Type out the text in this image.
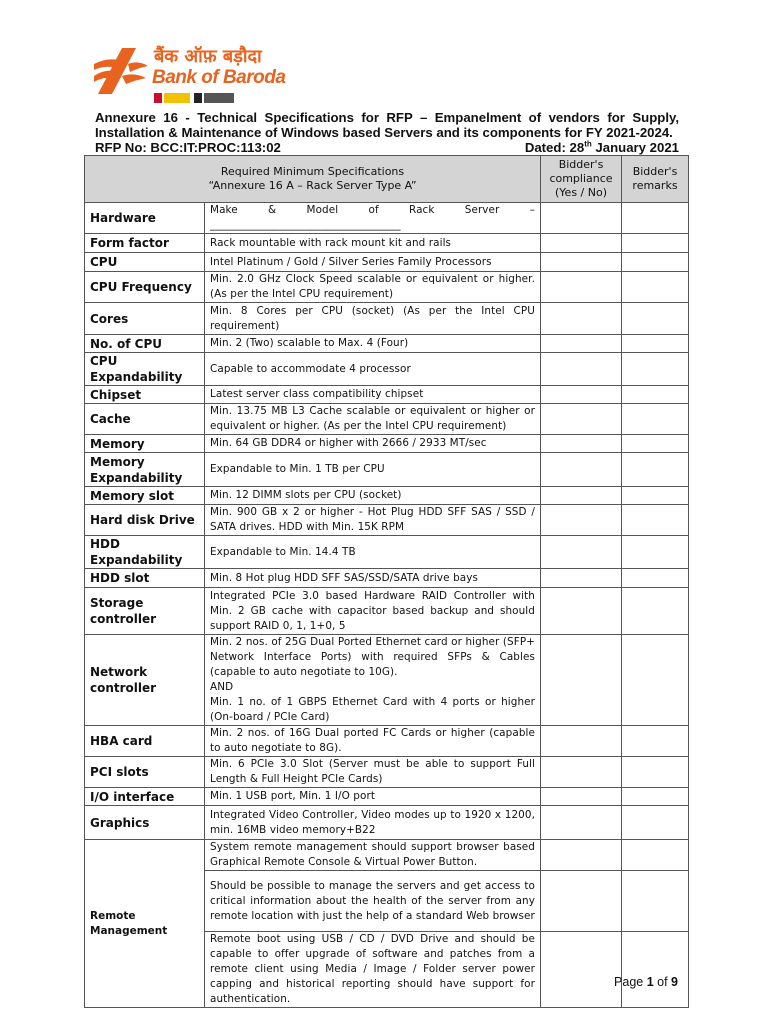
बैंक ऑफ़ बड़ौदा
Bank of Baroda
Annexure 16 - Technical Specifications for RFP – Empanelment of vendors for Supply,
Installation & Maintenance of Windows based Servers and its components for FY 2021-2024.
RFP No: BCC:IT:PROC:113:02	Dated: 28th January 2021
Required Minimum Specifications
“Annexure 16 A – Rack Server Type A”		Bidder's compliance (Yes / No)	Bidder's remarks
Hardware	Make & Model of Rack Server – ____________________________________		
Form factor	Rack mountable with rack mount kit and rails		
CPU	Intel Platinum / Gold / Silver Series Family Processors		
CPU Frequency	Min. 2.0 GHz Clock Speed scalable or equivalent or higher. (As per the Intel CPU requirement)		
Cores	Min. 8 Cores per CPU (socket) (As per the Intel CPU requirement)		
No. of CPU	Min. 2 (Two) scalable to Max. 4 (Four)		
CPU Expandability	Capable to accommodate 4 processor		
Chipset	Latest server class compatibility chipset		
Cache	Min. 13.75 MB L3 Cache scalable or equivalent or higher or equivalent or higher. (As per the Intel CPU requirement)		
Memory	Min. 64 GB DDR4 or higher with 2666 / 2933 MT/sec		
Memory Expandability	Expandable to Min. 1 TB per CPU		
Memory slot	Min. 12 DIMM slots per CPU (socket)		
Hard disk Drive	Min. 900 GB x 2 or higher - Hot Plug HDD SFF SAS / SSD / SATA drives. HDD with Min. 15K RPM		
HDD Expandability	Expandable to Min. 14.4 TB		
HDD slot	Min. 8 Hot plug HDD SFF SAS/SSD/SATA drive bays		
Storage controller	Integrated PCIe 3.0 based Hardware RAID Controller with Min. 2 GB cache with capacitor based backup and should support RAID 0, 1, 1+0, 5		
Network controller	Min. 2 nos. of 25G Dual Ported Ethernet card or higher (SFP+ Network Interface Ports) with required SFPs & Cables (capable to auto negotiate to 10G).
AND
Min. 1 no. of 1 GBPS Ethernet Card with 4 ports or higher (On-board / PCIe Card)		

HBA card	Min. 2 nos. of 16G Dual ported FC Cards or higher (capable to auto negotiate to 8G).		
PCI slots	Min. 6 PCIe 3.0 Slot (Server must be able to support Full Length & Full Height PCIe Cards)		
I/O interface	Min. 1 USB port, Min. 1 I/O port		
Graphics	Integrated Video Controller, Video modes up to 1920 x 1200, min. 16MB video memory+B22		
Remote Management	System remote management should support browser based Graphical Remote Console & Virtual Power Button.		
	Should be possible to manage the servers and get access to critical information about the health of the server from any remote location with just the help of a standard Web browser		
	Remote boot using USB / CD / DVD Drive and should be capable to offer upgrade of software and patches from a remote client using Media / Image / Folder server power capping and historical reporting should have support for authentication.		
Page 1 of 9
